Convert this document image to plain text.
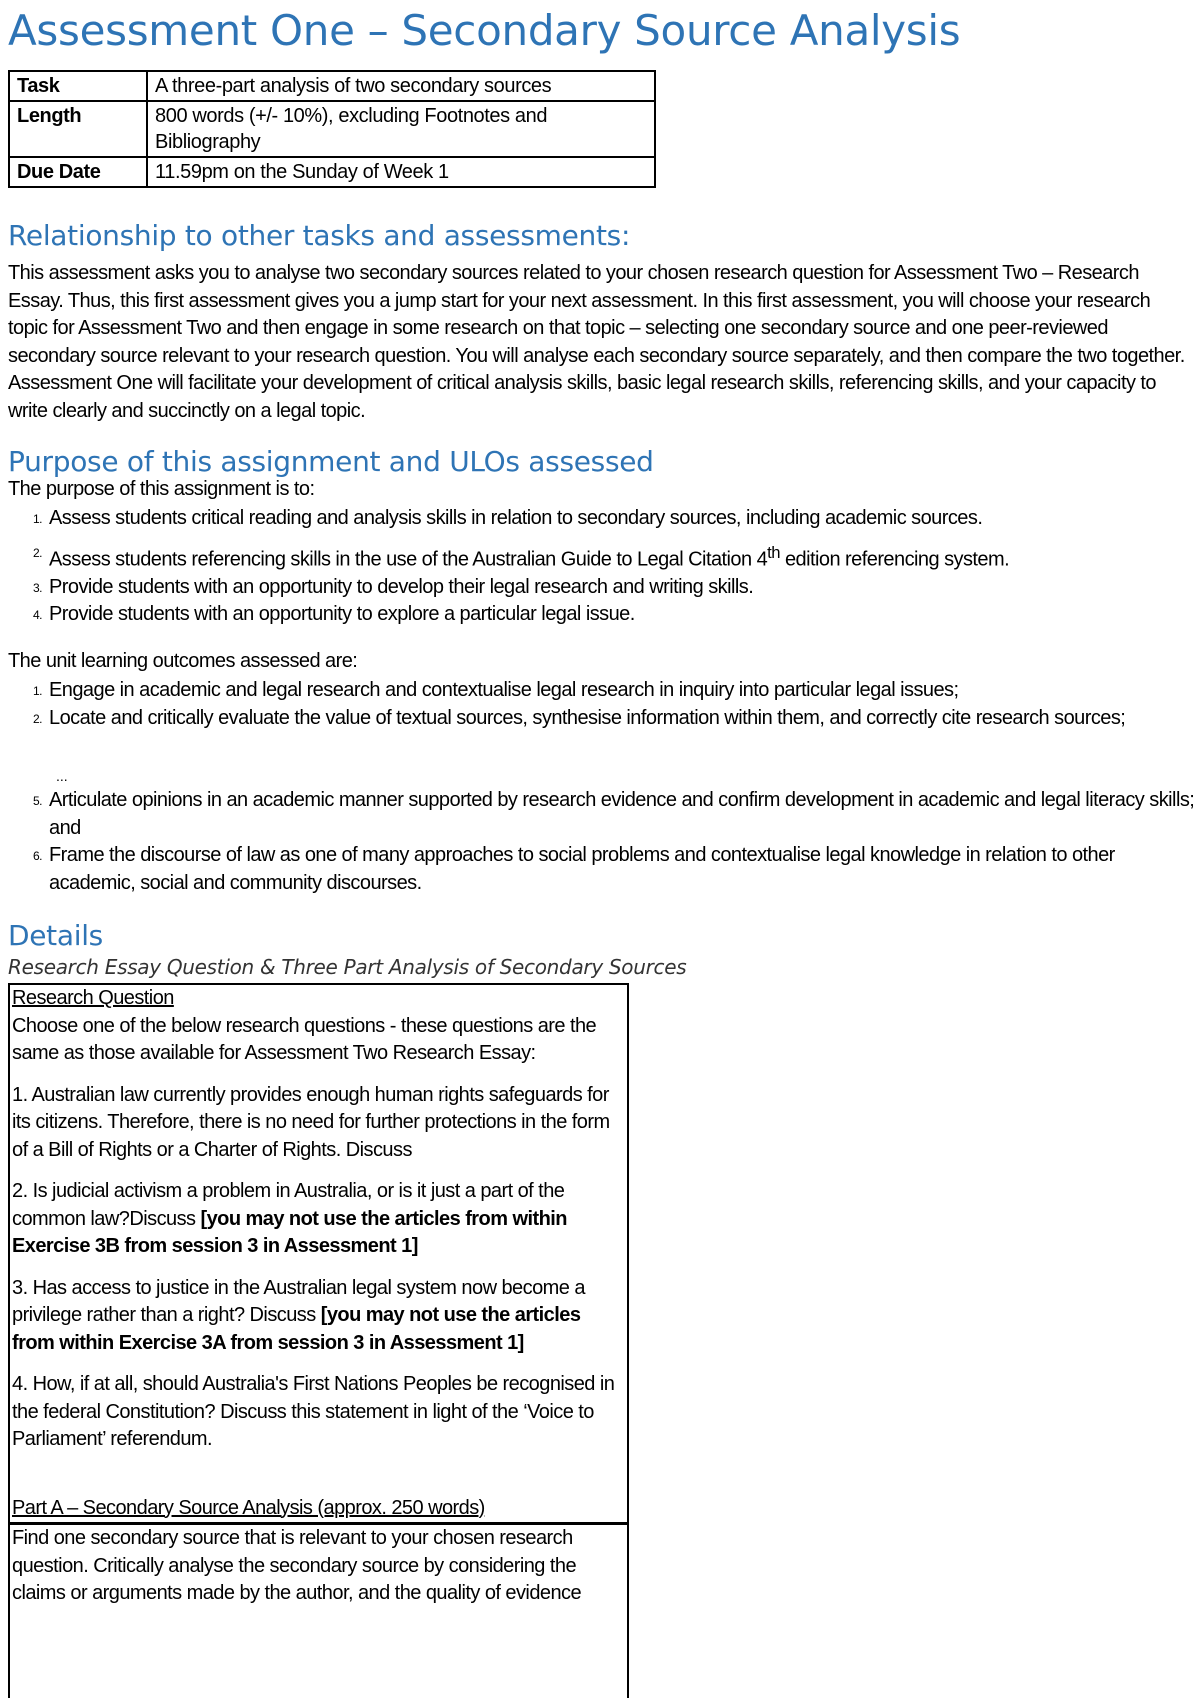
Assessment One – Secondary Source Analysis
Task	A three-part analysis of two secondary sources
Length	800 words (+/- 10%), excluding Footnotes and Bibliography
Due Date	11.59pm on the Sunday of Week 1
Relationship to other tasks and assessments:
This assessment asks you to analyse two secondary sources related to your chosen research question for Assessment Two – Research Essay. Thus, this first assessment gives you a jump start for your next assessment. In this first assessment, you will choose your research topic for Assessment Two and then engage in some research on that topic – selecting one secondary source and one peer-reviewed secondary source relevant to your research question. You will analyse each secondary source separately, and then compare the two together. Assessment One will facilitate your development of critical analysis skills, basic legal research skills, referencing skills, and your capacity to write clearly and succinctly on a legal topic.
Purpose of this assignment and ULOs assessed
The purpose of this assignment is to:
1. Assess students critical reading and analysis skills in relation to secondary sources, including academic sources.
2. Assess students referencing skills in the use of the Australian Guide to Legal Citation 4th edition referencing system.
3. Provide students with an opportunity to develop their legal research and writing skills.
4. Provide students with an opportunity to explore a particular legal issue.
The unit learning outcomes assessed are:
1. Engage in academic and legal research and contextualise legal research in inquiry into particular legal issues;
2. Locate and critically evaluate the value of textual sources, synthesise information within them, and correctly cite research sources;
...
5. Articulate opinions in an academic manner supported by research evidence and confirm development in academic and legal literacy skills; and
6. Frame the discourse of law as one of many approaches to social problems and contextualise legal knowledge in relation to other academic, social and community discourses.
Details
Research Essay Question & Three Part Analysis of Secondary Sources

Research Question

Choose one of the below research questions - these questions are the same as those available for Assessment Two Research Essay:

1. Australian law currently provides enough human rights safeguards for its citizens. Therefore, there is no need for further protections in the form of a Bill of Rights or a Charter of Rights. Discuss

2. Is judicial activism a problem in Australia, or is it just a part of the common law?Discuss [you may not use the articles from within Exercise 3B from session 3 in Assessment 1]

3. Has access to justice in the Australian legal system now become a privilege rather than a right? Discuss [you may not use the articles from within Exercise 3A from session 3 in Assessment 1]

4. How, if at all, should Australia's First Nations Peoples be recognised in the federal Constitution? Discuss this statement in light of the ‘Voice to Parliament’ referendum.

Part A – Secondary Source Analysis (approx. 250 words)

Find one secondary source that is relevant to your chosen research question. Critically analyse the secondary source by considering the claims or arguments made by the author, and the quality of evidence
